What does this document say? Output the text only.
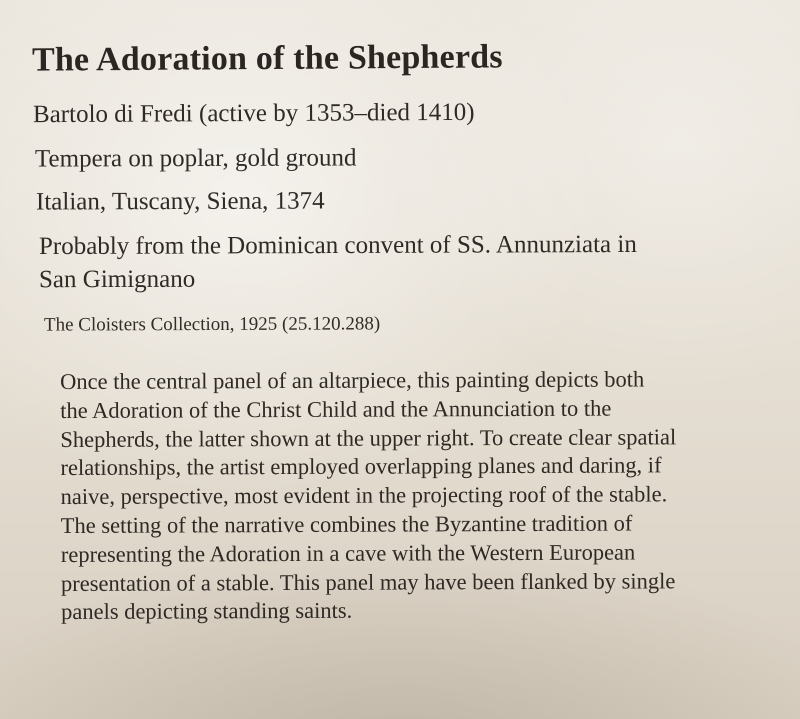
The Adoration of the Shepherds

Bartolo di Fredi (active by 1353–died 1410)

Tempera on poplar, gold ground

Italian, Tuscany, Siena, 1374

Probably from the Dominican convent of SS. Annunziata in

San Gimignano

The Cloisters Collection, 1925 (25.120.288)

Once the central panel of an altarpiece, this painting depicts both
the Adoration of the Christ Child and the Annunciation to the
Shepherds, the latter shown at the upper right. To create clear spatial
relationships, the artist employed overlapping planes and daring, if
naive, perspective, most evident in the projecting roof of the stable.
The setting of the narrative combines the Byzantine tradition of
representing the Adoration in a cave with the Western European
presentation of a stable. This panel may have been flanked by single
panels depicting standing saints.
